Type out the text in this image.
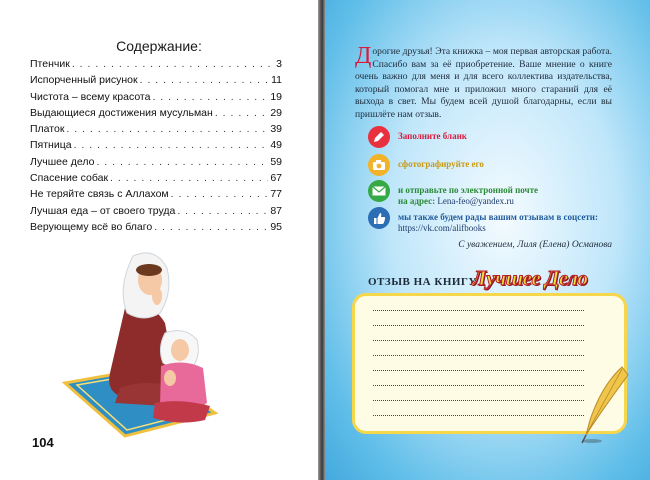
Содержание:
Птенчик . . .	3
Испорченный рисунок . . .	11
Чистота – всему красота . . .	19
Выдающиеся достижения мусульман . . .	29
Платок . . .	39
Пятница . . .	49
Лучшее дело . . .	59
Спасение собак . . .	67
Не теряйте связь с Аллахом . . .	77
Лучшая еда – от своего труда . . .	87
Верующему всё во благо . . .	95
104
Дорогие друзья! Эта книжка – моя первая авторская работа. Спасибо вам за её приобретение. Ваше мнение о книге очень важно для меня и для всего коллектива издательства, который помогал мне и приложил много стараний для её выхода в свет. Мы будем всей душой благодарны, если вы пришлёте нам отзыв.
Заполните бланк
сфотографируйте его
и отправьте по электронной почте
на адрес: Lena-feo@yandex.ru
мы также будем рады вашим отзывам в соцсети:
https://vk.com/alifbooks
С уважением, Лиля (Елена) Османова
ОТЗЫВ НА КНИГУ
Лучшее Дело
